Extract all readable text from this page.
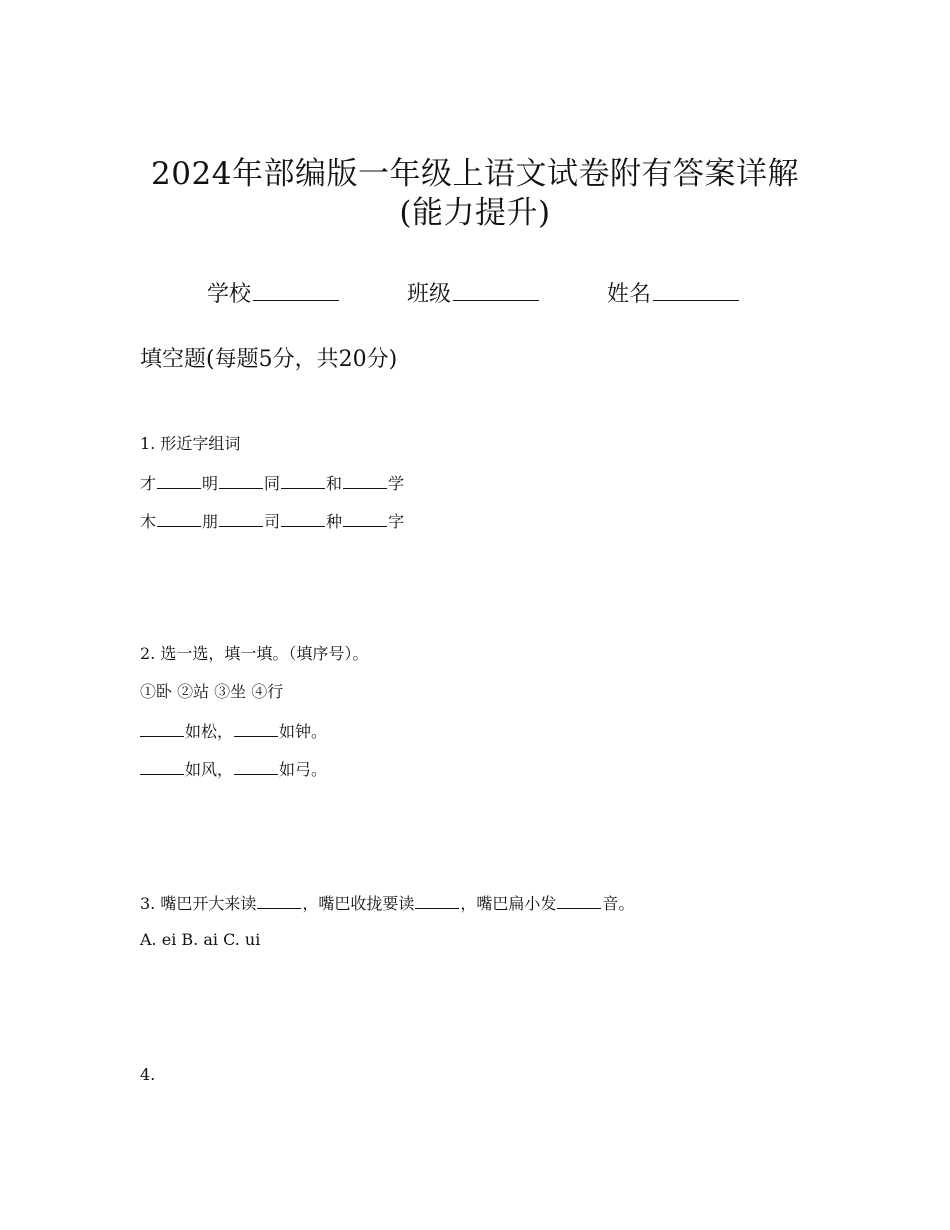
2024年部编版一年级上语文试卷附有答案详解
(能力提升)
学校	班级	姓名
填空题(每题5分，共20分)
1. 形近字组词
才	明	同	和	学
木	朋	司	种	字
2. 选一选，填一填。（填序号）。
①卧 ②站 ③坐 ④行
如松，	如钟。
如风，	如弓。
3. 嘴巴开大来读	，嘴巴收拢要读	，嘴巴扁小发	音。
A. ei B. ai C. ui
4.
